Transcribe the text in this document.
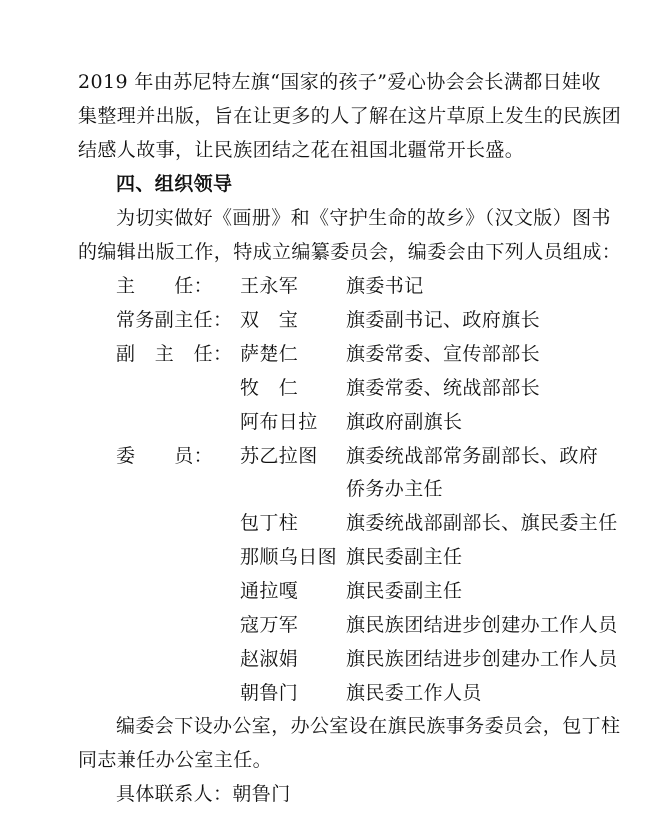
2019 年由苏尼特左旗“国家的孩子”爱心协会会长满都日娃收
集整理并出版，旨在让更多的人了解在这片草原上发生的民族团
结感人故事，让民族团结之花在祖国北疆常开长盛。
四、组织领导
为切实做好《画册》和《守护生命的故乡》（汉文版）图书
的编辑出版工作，特成立编纂委员会，编委会由下列人员组成：
主　　任： 王永军	旗委书记
常务副主任： 双　宝	旗委副书记、政府旗长
副　主　任： 萨楚仁	旗委常委、宣传部部长
牧　仁	旗委常委、统战部部长
阿布日拉 旗政府副旗长
委　　员： 苏乙拉图 旗委统战部常务副部长、政府
侨务办主任
包丁柱	旗委统战部副部长、旗民委主任
那顺乌日图 旗民委副主任
通拉嘎	旗民委副主任
寇万军	旗民族团结进步创建办工作人员
赵淑娟	旗民族团结进步创建办工作人员
朝鲁门	旗民委工作人员
编委会下设办公室，办公室设在旗民族事务委员会，包丁柱
同志兼任办公室主任。
具体联系人：朝鲁门
